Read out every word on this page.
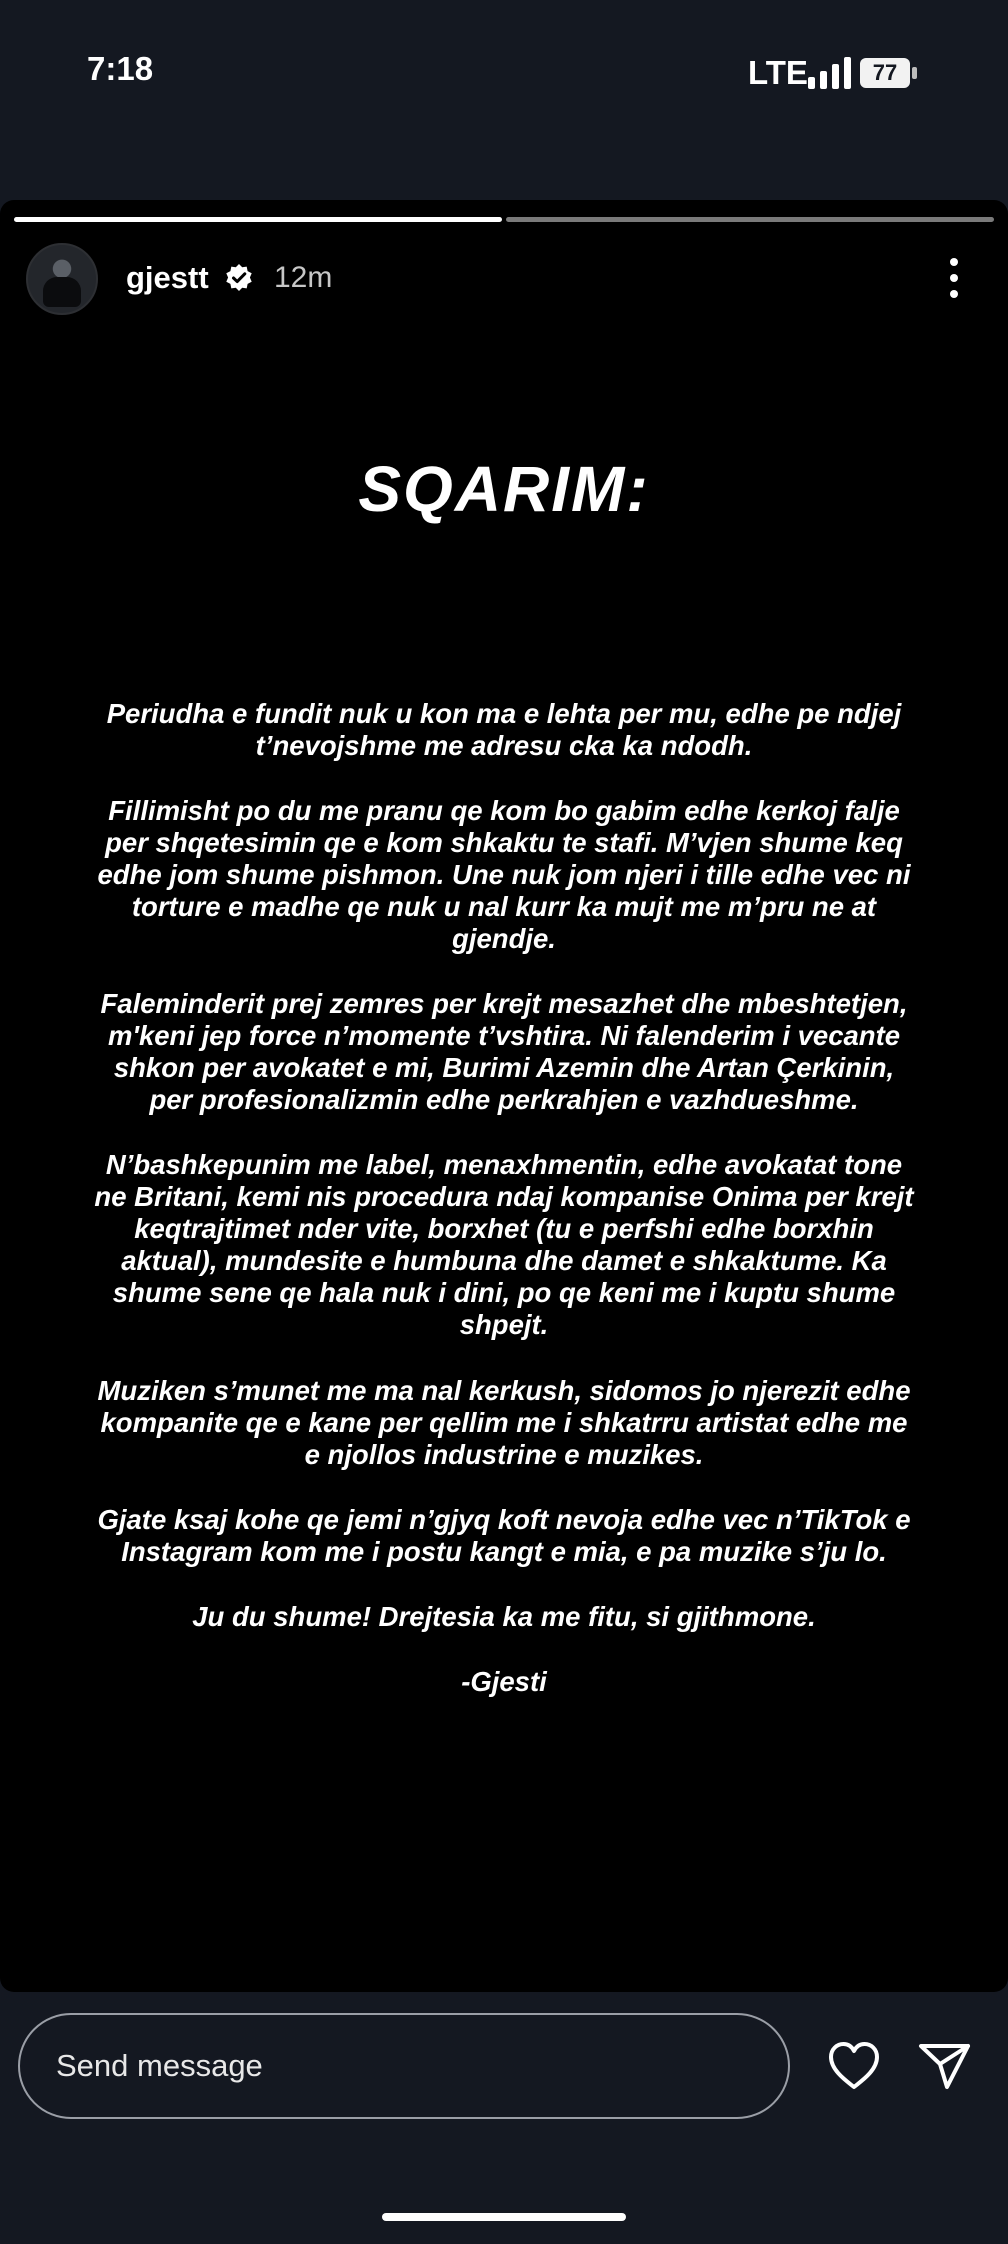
7:18	LTE	77
gjestt 12m
SQARIM:
Periudha e fundit nuk u kon ma e lehta per mu, edhe pe ndjej
t’nevojshme me adresu cka ka ndodh.
Fillimisht po du me pranu qe kom bo gabim edhe kerkoj falje
per shqetesimin qe e kom shkaktu te stafi. M’vjen shume keq
edhe jom shume pishmon. Une nuk jom njeri i tille edhe vec ni
torture e madhe qe nuk u nal kurr ka mujt me m’pru ne at
gjendje.
Faleminderit prej zemres per krejt mesazhet dhe mbeshtetjen,
m'keni jep force n’momente t’vshtira. Ni falenderim i vecante
shkon per avokatet e mi, Burimi Azemin dhe Artan Çerkinin,
per profesionalizmin edhe perkrahjen e vazhdueshme.
N’bashkepunim me label, menaxhmentin, edhe avokatat tone
ne Britani, kemi nis procedura ndaj kompanise Onima per krejt
keqtrajtimet nder vite, borxhet (tu e perfshi edhe borxhin
aktual), mundesite e humbuna dhe damet e shkaktume. Ka
shume sene qe hala nuk i dini, po qe keni me i kuptu shume
shpejt.
Muziken s’munet me ma nal kerkush, sidomos jo njerezit edhe
kompanite qe e kane per qellim me i shkatrru artistat edhe me
e njollos industrine e muzikes.
Gjate ksaj kohe qe jemi n’gjyq koft nevoja edhe vec n’TikTok e
Instagram kom me i postu kangt e mia, e pa muzike s’ju lo.
Ju du shume! Drejtesia ka me fitu, si gjithmone.
-Gjesti
Send message
